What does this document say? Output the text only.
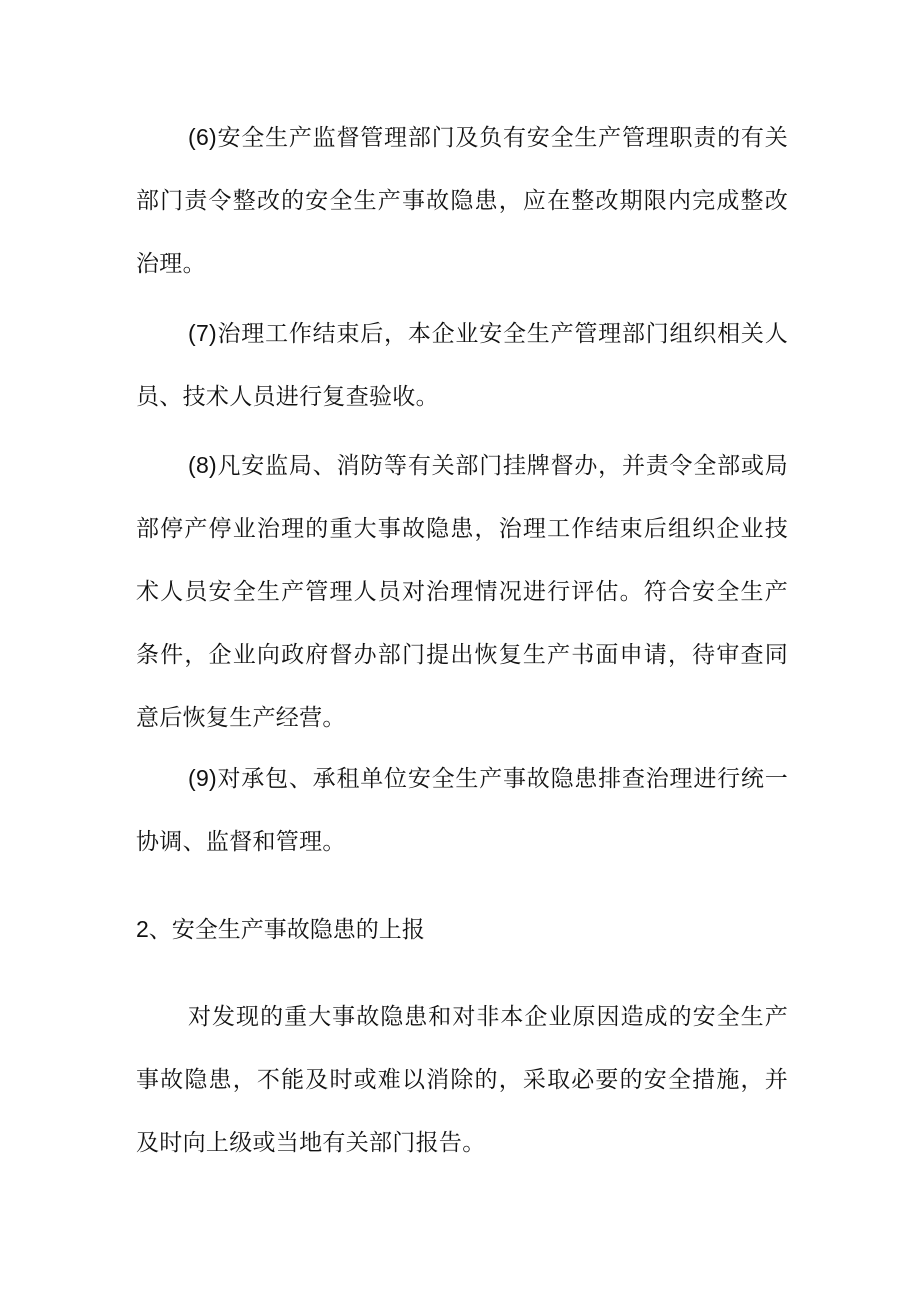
(6)安全生产监督管理部门及负有安全生产管理职责的有关部门责令整改的安全生产事故隐患，应在整改期限内完成整改治理。

(7)治理工作结束后，本企业安全生产管理部门组织相关人员、技术人员进行复查验收。

(8)凡安监局、消防等有关部门挂牌督办，并责令全部或局部停产停业治理的重大事故隐患，治理工作结束后组织企业技术人员安全生产管理人员对治理情况进行评估。符合安全生产条件，企业向政府督办部门提出恢复生产书面申请，待审查同意后恢复生产经营。

(9)对承包、承租单位安全生产事故隐患排查治理进行统一协调、监督和管理。

2、安全生产事故隐患的上报

对发现的重大事故隐患和对非本企业原因造成的安全生产事故隐患，不能及时或难以消除的，采取必要的安全措施，并及时向上级或当地有关部门报告。
